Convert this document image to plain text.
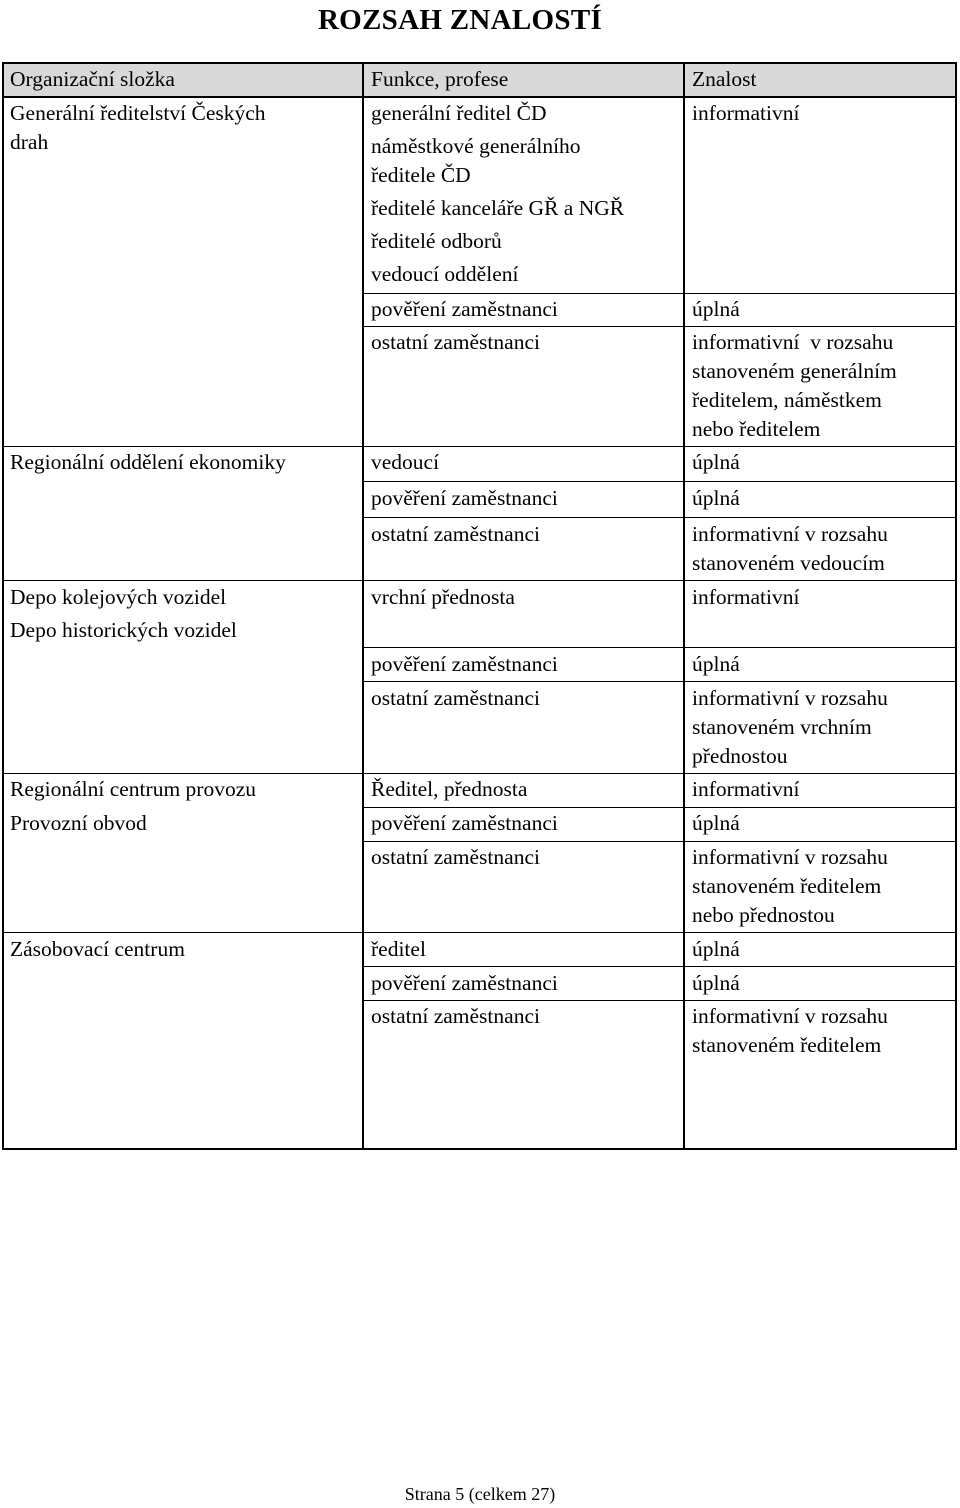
ROZSAH ZNALOSTÍ
Organizační složka	Funkce, profese	Znalost
Generální ředitelství Českých
drah
Regionální oddělení ekonomiky
Depo kolejových vozidel
Depo historických vozidel
Regionální centrum provozu
Provozní obvod
Zásobovací centrum
generální ředitel ČD
náměstkové generálního
ředitele ČD
ředitelé kanceláře GŘ a NGŘ
ředitelé odborů
vedoucí oddělení
pověření zaměstnanci
ostatní zaměstnanci
vedoucí
pověření zaměstnanci
ostatní zaměstnanci
vrchní přednosta
pověření zaměstnanci
ostatní zaměstnanci
Ředitel, přednosta
pověření zaměstnanci
ostatní zaměstnanci
ředitel
pověření zaměstnanci
ostatní zaměstnanci
informativní
úplná
informativní  v rozsahu
stanoveném generálním
ředitelem, náměstkem
nebo ředitelem
úplná
úplná
informativní v rozsahu
stanoveném vedoucím
informativní
úplná
informativní v rozsahu
stanoveném vrchním
přednostou
informativní
úplná
informativní v rozsahu
stanoveném ředitelem
nebo přednostou
úplná
úplná
informativní v rozsahu
stanoveném ředitelem
Strana 5 (celkem 27)
